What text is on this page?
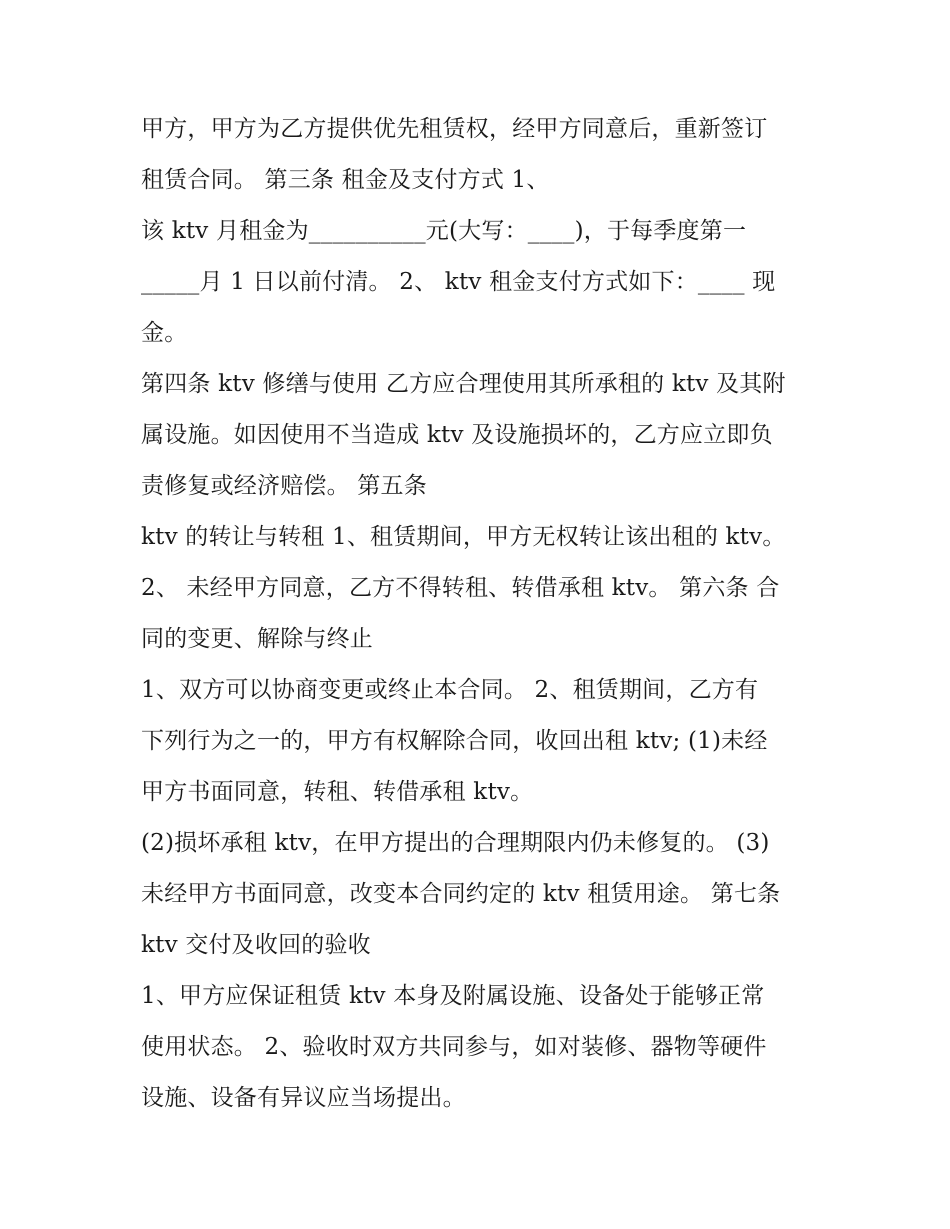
甲方，甲方为乙方提供优先租赁权，经甲方同意后，重新签订
租赁合同。 第三条 租金及支付方式 1、
该 ktv 月租金为__________元(大写：____)，于每季度第一
_____月 1 日以前付清。 2、 ktv 租金支付方式如下：____ 现
金。
第四条 ktv 修缮与使用 乙方应合理使用其所承租的 ktv 及其附
属设施。如因使用不当造成 ktv 及设施损坏的，乙方应立即负
责修复或经济赔偿。 第五条
ktv 的转让与转租 1、租赁期间，甲方无权转让该出租的 ktv。
2、 未经甲方同意，乙方不得转租、转借承租 ktv。 第六条 合
同的变更、解除与终止
1、双方可以协商变更或终止本合同。 2、租赁期间，乙方有
下列行为之一的，甲方有权解除合同，收回出租 ktv; (1)未经
甲方书面同意，转租、转借承租 ktv。
(2)损坏承租 ktv，在甲方提出的合理期限内仍未修复的。 (3)
未经甲方书面同意，改变本合同约定的 ktv 租赁用途。 第七条
ktv 交付及收回的验收
1、甲方应保证租赁 ktv 本身及附属设施、设备处于能够正常
使用状态。 2、验收时双方共同参与，如对装修、器物等硬件
设施、设备有异议应当场提出。
